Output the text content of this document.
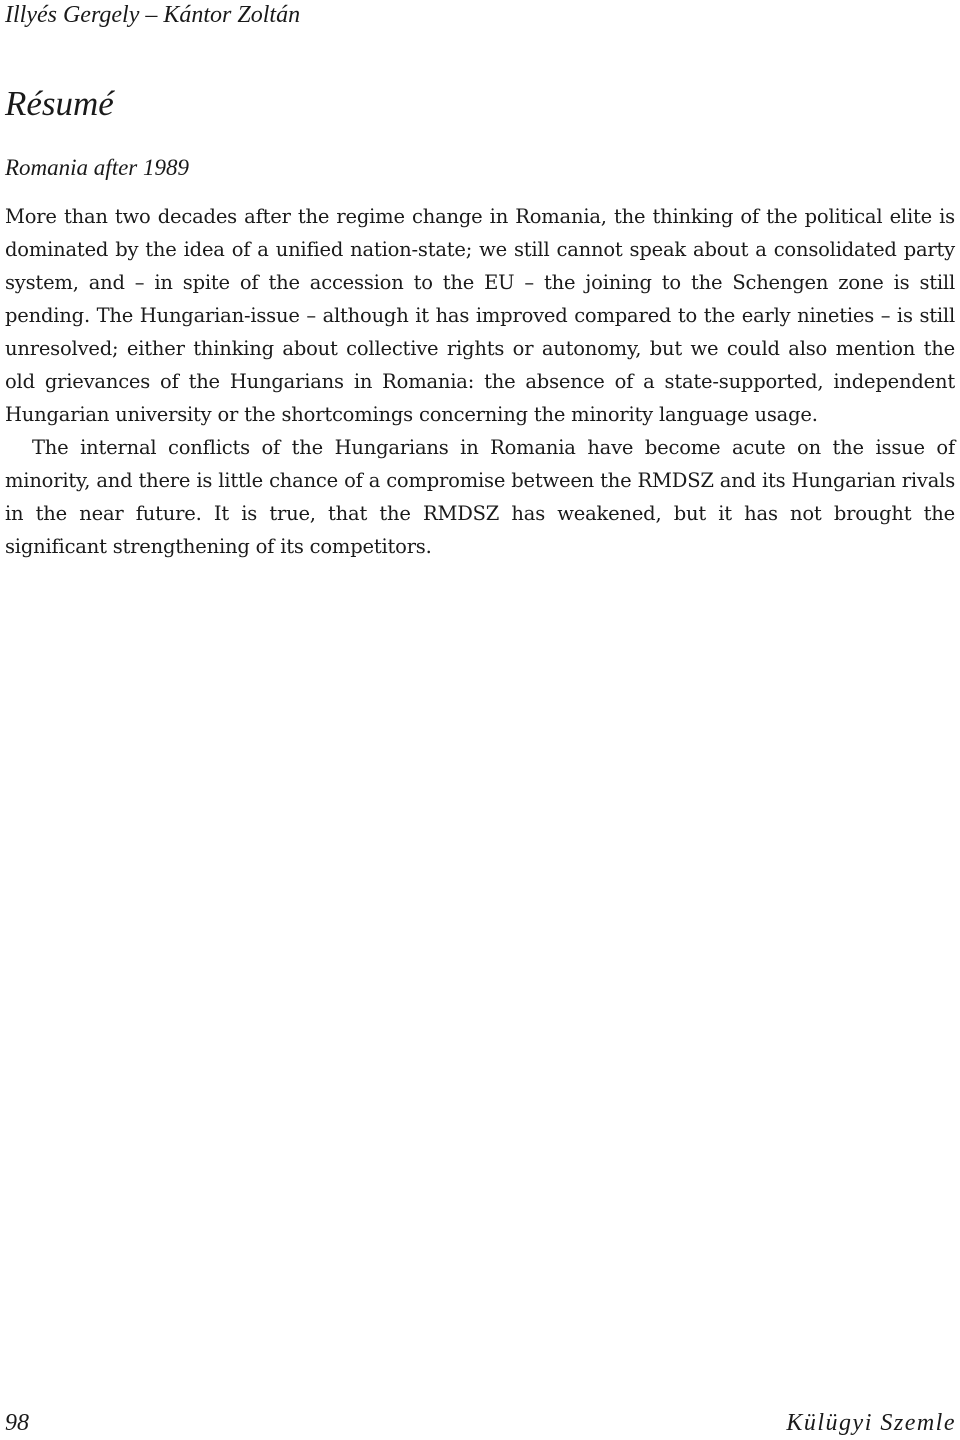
Illyés Gergely – Kántor Zoltán
Résumé
Romania after 1989

More than two decades after the regime change in Romania, the thinking of the political elite is dominated by the idea of a unified nation-state; we still cannot speak about a consolidated party system, and – in spite of the accession to the EU – the joining to the Schengen zone is still pending. The Hungarian-issue – although it has improved compared to the early nineties – is still unresolved; either thinking about collective rights or autonomy, but we could also mention the old grievances of the Hungarians in Romania: the absence of a state-supported, independent Hungarian university or the shortcomings concerning the minority language usage.

The internal conflicts of the Hungarians in Romania have become acute on the issue of minority, and there is little chance of a compromise between the RMDSZ and its Hungarian rivals in the near future. It is true, that the RMDSZ has weakened, but it has not brought the significant strengthening of its competitors.

98	Külügyi Szemle
